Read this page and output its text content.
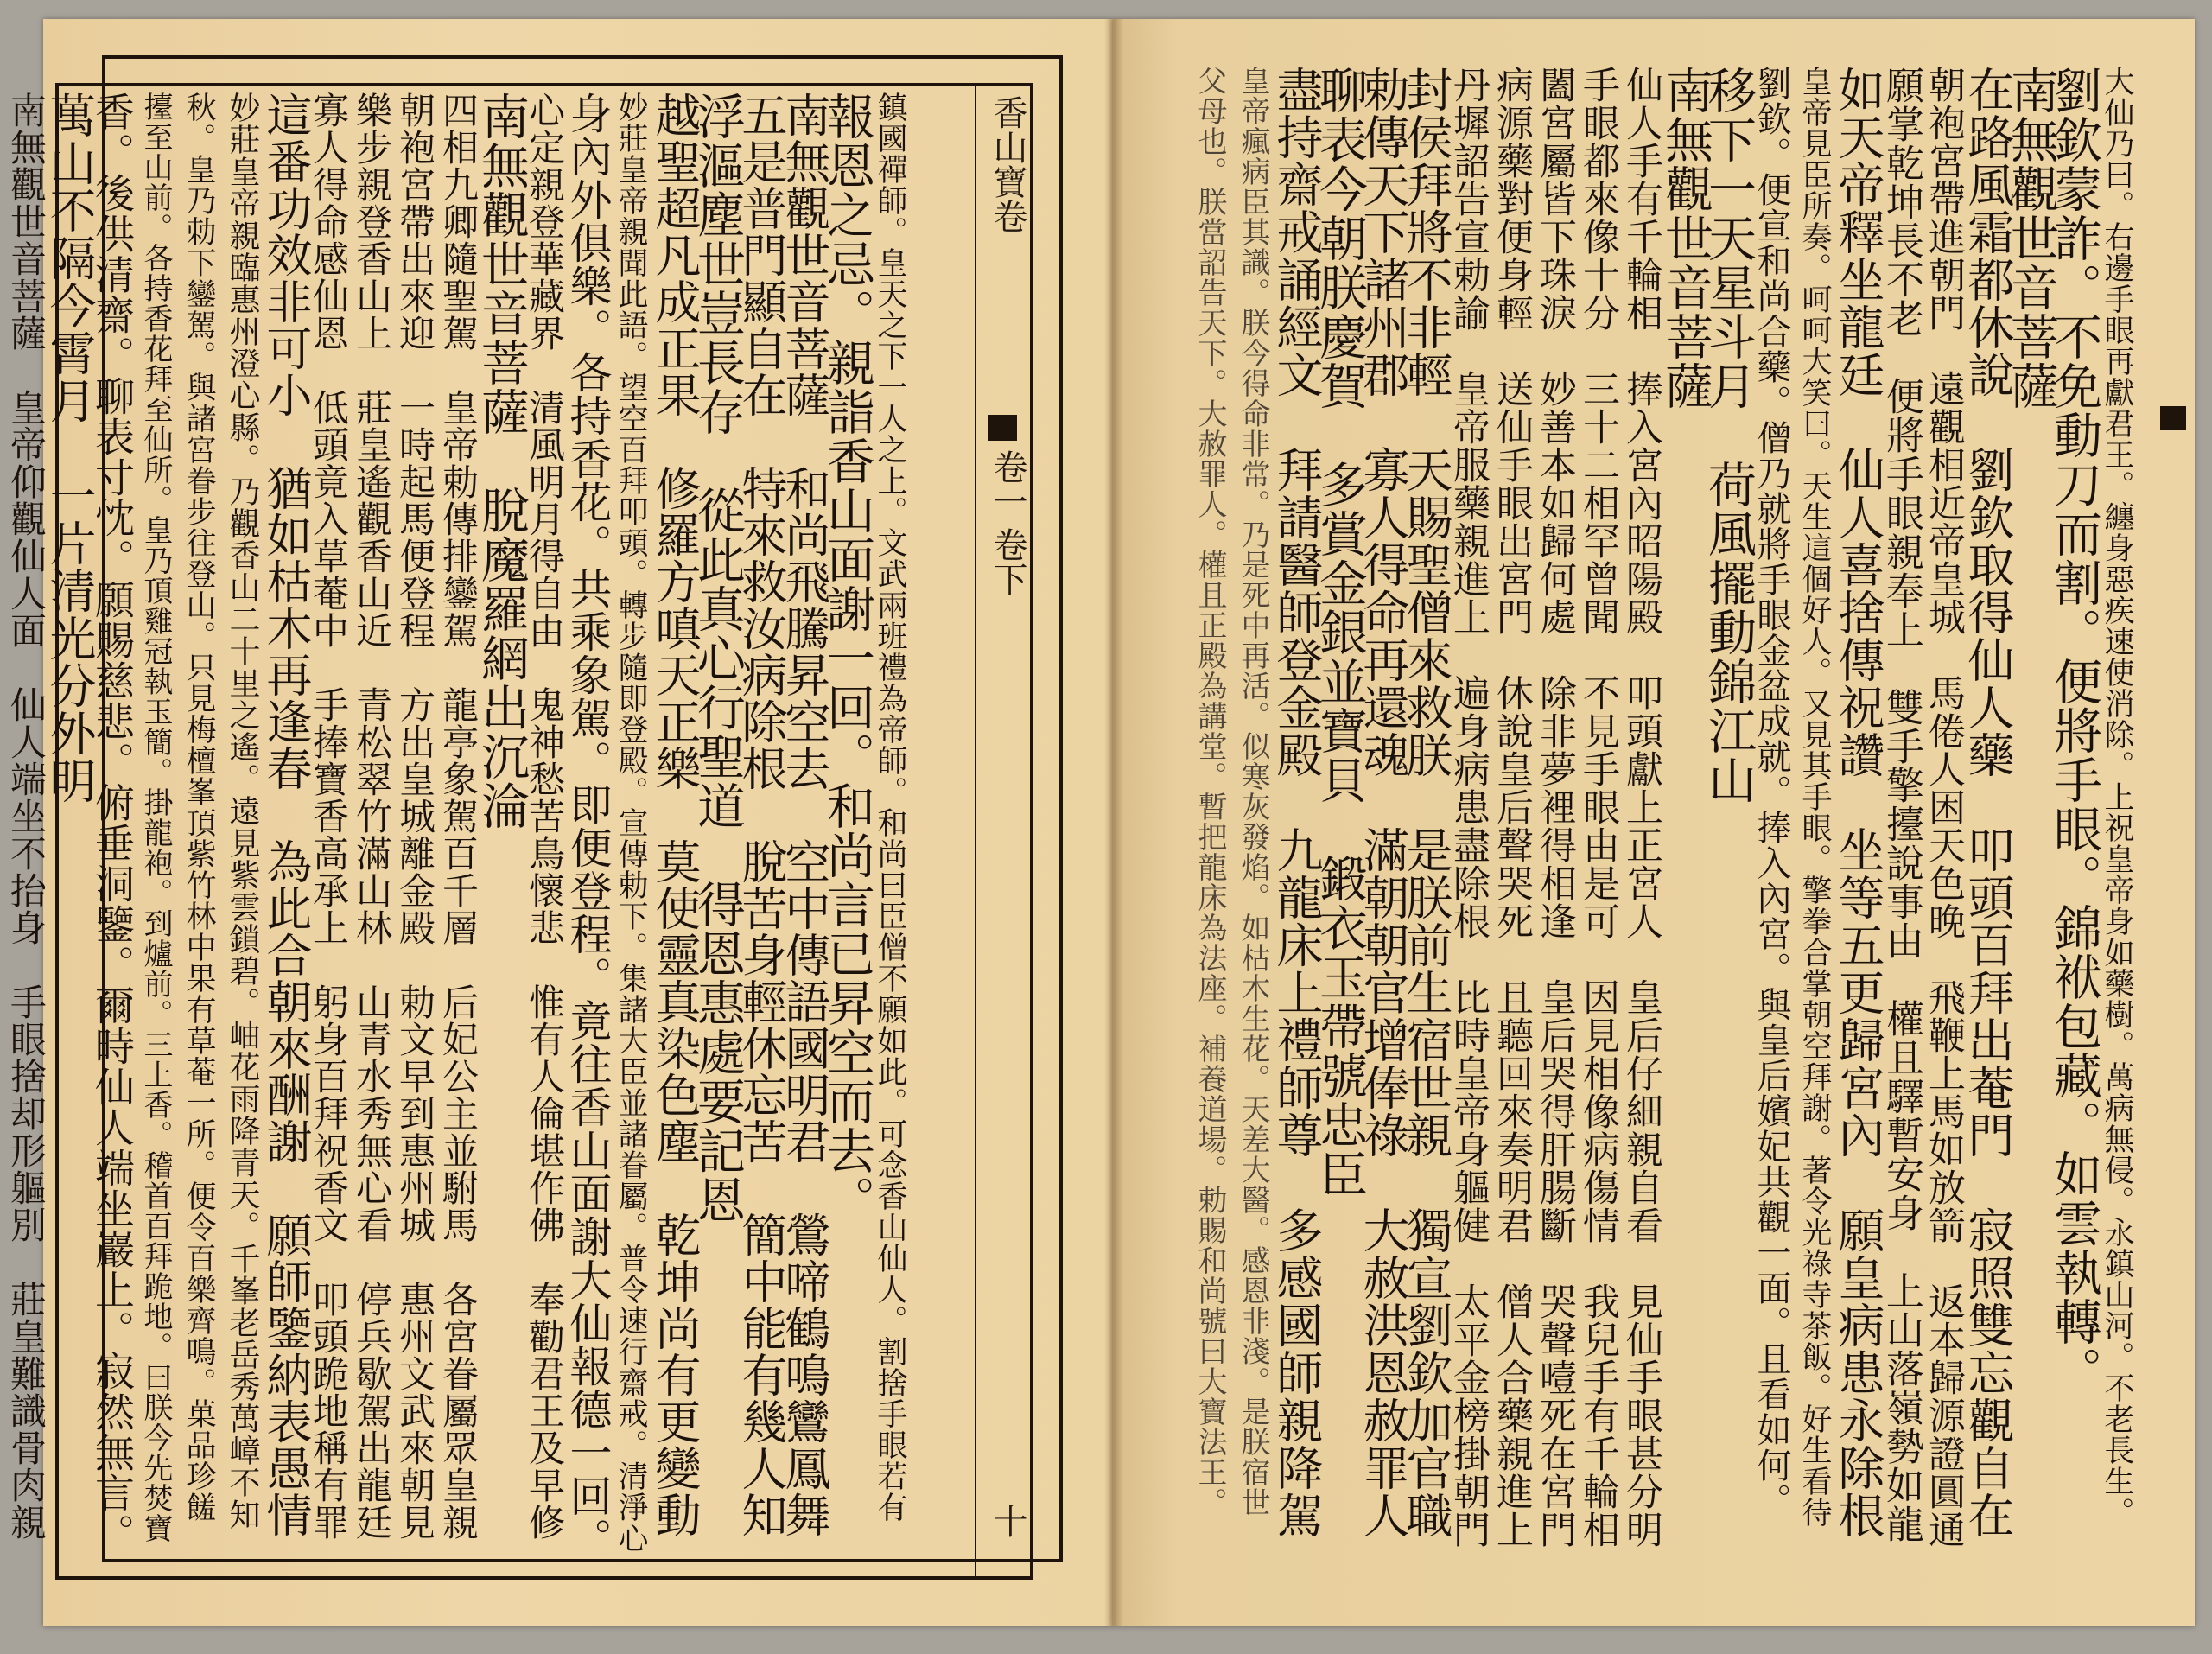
香山寶卷
卷一
卷下
十
鎮國禪師。皇天之下一人之上。文武兩班禮為帝師。和尚曰臣僧不願如此。可念香山仙人。割捨手眼若有
報恩之忌。親詣香山面謝一回。和尚言已昇空而去。
南無觀世音菩薩　和尚飛騰昇空去　空中傳語國明君　鶯啼鶴鳴鸞鳳舞
五是普門顯自在　特來救汝病除根　脫苦身輕休忘苦　簡中能有幾人知
浮漚塵世豈長存　從此真心行聖道　得恩惠處要記恩
越聖超凡成正果　修羅方嗔天正樂　莫使靈真染色塵　乾坤尚有更變動
妙莊皇帝親聞此語。望空百拜叩頭。轉步隨即登殿。宣傳勅下。集諸大臣並諸眷屬。普令速行齋戒。清淨心
身內外俱樂。各持香花。共乘象駕。即便登程。竟往香山面謝大仙報德一回。
心定親登華藏界　清風明月得自由　鬼神愁苦鳥懷悲　惟有人倫堪作佛　奉勸君王及早修
南無觀世音菩薩　脫魔羅網出沉淪
四相九卿隨聖駕　皇帝勅傳排鑾駕　龍亭象駕百千層　后妃公主並駙馬　各宮眷屬眾皇親
朝袍宮帶出來迎　一時起馬便登程　方出皇城離金殿　勅文早到惠州城　惠州文武來朝見
樂步親登香山上　莊皇遙觀香山近　青松翠竹滿山林　山青水秀無心看　停兵歇駕出龍廷
寡人得命感仙恩　低頭竟入草菴中　手捧寶香高承上　躬身百拜祝香文　叩頭跪地稱有罪
這番功效非可小　猶如枯木再逢春　為此合朝來酬謝　願師鑒納表愚情
妙莊皇帝親臨惠州澄心縣。乃觀香山二十里之遙。遠見紫雲鎖碧。岫花雨降青天。千峯老岳秀萬嶂不知
秋。皇乃勅下鑾駕。與諸宮眷步往登山。只見梅檀峯頂紫竹林中果有草菴一所。便令百樂齊鳴。菓品珍饈
擡至山前。各持香花拜至仙所。皇乃頂雞冠執玉簡。掛龍袍。到爐前。三上香。稽首百拜跪地。曰朕今先焚寶
香。後供清齋。聊表寸忱。願賜慈悲。俯垂洞鑒。爾時仙人端坐巖上。寂然無言。
萬山不隔今霄月　一片清光分外明
南無觀世音菩薩　皇帝仰觀仙人面　仙人端坐不抬身　手眼捨却形軀別　莊皇難識骨肉親	大仙乃曰。右邊手眼再獻君王。纏身惡疾速使消除。上祝皇帝身如藥樹。萬病無侵。永鎮山河。不老長生。
劉欽蒙詐。不免動刀而割。便將手眼。錦袱包藏。如雲執轉。
南無觀世音菩薩
在路風霜都休說　劉欽取得仙人藥　叩頭百拜出菴門　寂照雙忘觀自在
朝袍宮帶進朝門　遠觀相近帝皇城　馬倦人困天色晚　飛鞭上馬如放箭　返本歸源證圓通
願掌乾坤長不老　便將手眼親奉上　雙手擎擡說事由　權且驛暫安身　上山落嶺勢如龍
如天帝釋坐龍廷　仙人喜捨傳祝讚　坐等五更歸宮內　願皇病患永除根
皇帝見臣所奏。呵呵大笑曰。天生這個好人。又見其手眼。擎拳合掌朝空拜謝。著令光祿寺茶飯。好生看待
劉欽。便宣和尚合藥。僧乃就將手眼金盆成就。捧入內宮。與皇后嬪妃共觀一面。且看如何。
移下一天星斗月　荷風擺動錦江山
南無觀世音菩薩
仙人手有千輪相　捧入宮內昭陽殿　叩頭獻上正宮人　皇后仔細親自看　見仙手眼甚分明
手眼都來像十分　三十二相罕曾聞　不見手眼由是可　因見相像病傷情　我兒手有千輪相
闔宮屬皆下珠淚　妙善本如歸何處　除非夢裡得相逢　皇后哭得肝腸斷　哭聲噎死在宮門
病源藥對便身輕　送仙手眼出宮門　休說皇后聲哭死　且聽回來奏明君　僧人合藥親進上
丹墀詔告宣勅諭　皇帝服藥親進上　遍身病患盡除根　比時皇帝身軀健　太平金榜掛朝門
封侯拜將不非輕　天賜聖僧來救朕　是朕前生宿世親　獨宣劉欽加官職
勅傳天下諸州郡　寡人得命再還魂　滿朝朝官增俸祿　大赦洪恩赦罪人
聊表今朝朕慶賀　多賞金銀並寶貝　鍛衣玉帶號忠臣
盡持齋戒誦經文　拜請醫師登金殿　九龍床上禮師尊　多感國師親降駕
皇帝瘋病臣其識。朕今得命非常。乃是死中再活。似寒灰發焰。如枯木生花。天差大醫。感恩非淺。是朕宿世
父母也。朕當詔告天下。大赦罪人。權且正殿為講堂。暫把龍床為法座。補養道場。勅賜和尚號曰大寶法王。
